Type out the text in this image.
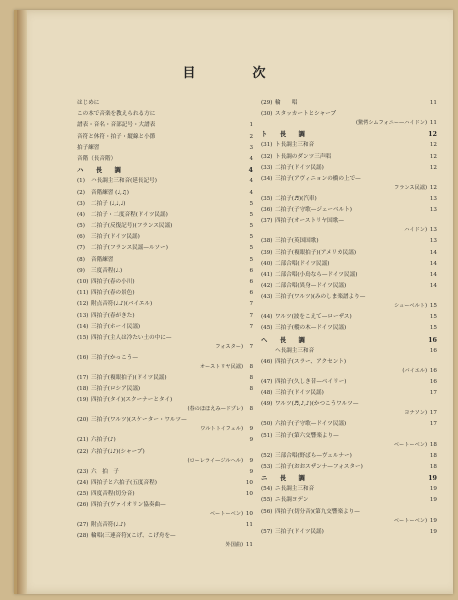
目　次
はじめに
この本で音楽を教えられる方に
譜表・音名・音部記号・大譜表	1
音符と休符・拍子・縦線と小節	2
拍子練習	3
音階（長音階）	4
ハ　長　調	4
(1) ハ長調主三和音(延長記号)	4
(2) 音階練習 (♩,♫)	4
(3) 二拍子 (♩,♩,♩)	5
(4) 二拍子・二度音程(ドイツ民謡)	5
(5) 二拍子(反復記号)(フランス民謡)	5
(6) 三拍子(ドイツ民謡)	5
(7) 二拍子(フランス民謡—ルソー)	5
(8) 音階練習	5
(9) 三度音程(♩.)	6
(10) 四拍子(春の小川)	6
(11) 四拍子(春の景色)	6
(12) 附点音符(♩.♪)(バイエル)	7
(13) 四拍子(春がきた)	7
(14) 三拍子(ホーイ民謡)	7
(15) 四拍子(主人は冷たい土の中に—
フォスター) 7
(16) 三拍子(かっこう—
オーストリヤ民謡) 8
(17) 三拍子(複眼拍子)(ドイツ民謡)	8
(18) 三拍子(ロシア民謡)	8
(19) 四拍子(タイ)(スクーナーとタイ)
(春のほほえみ—ドプレ) 8
(20) 三拍子(ワルツ)(スケーター・ワルツ—
ワルトトイフェル) 9
(21) 六拍子(♪)	9
(22) 六拍子(♩♪)(シャープ)
(ローレライ—ジルヘル) 9
(23) 六　拍　子	9
(24) 四拍子と六拍子(五度音程)	10
(25) 四度音程(切分音)	10
(26) 四拍子(ヴァイオリン協奏曲—
ベートーベン) 10
(27) 附点音符(♩.♪)	11
(28) 輪唱(三連音符)(こげ、こげ舟を—
外国曲) 11
(29) 輪　　唱	11
(30) スタッカートとシャープ
(驚愕シムフォニー—ハイドン) 11
ト　長　調	12
(31) ト長調主三和音	12
(32) ト長調のダンツ三声唱	12
(33) 二拍子(ドイツ民謡)	12
(34) 三拍子(アヴィニョンの橋の上で—
フランス民謡) 12
(35) 二拍子(♬)(汽車)	13
(36) 二拍子(子守歌—ジェーベルト)	13
(37) 四拍子(オーストリヤ国歌—
ハイドン) 13
(38) 三拍子(英国国歌)	13
(39) 三拍子(複眼拍子)(アメリカ民謡)	14
(40) 二部合唱(ドイツ民謡)	14
(41) 二部合唱(小鳥なら—ドイツ民謡)	14
(42) 二部合唱(異身—ドイツ民謡)	14
(43) 三拍子(ワルツ)(みのしま楽譜より—
シューベルト) 15
(44) ワルツ(波をこえて—ローザス)	15
(45) 三拍子(樅の木—ドイツ民謡)	15
ヘ　長　調	16
ヘ長調主三和音	16
(46) 四拍子(スラー、アクセント)
(バイエル) 16
(47) 四拍子(久しき昔—ベイリー)	16
(48) 三拍子(ドイツ民謡)	17
(49) ワルツ(♬,♪,♪)(かつこうワルツ—
ヨナソン) 17
(50) 六拍子(子守歌—ドイツ民謡)	17
(51) 三拍子(第六交響楽より—
ベートーベン) 18
(52) 三部合唱(野ばら—ヴェルナー)	18
(53) 二拍子(おおスザンナ—フォスター)	18
ニ　長　調	19
(54) ニ長調主三和音	19
(55) ニ長調ヨデン	19
(56) 四拍子(切分音)(第九交響楽より—
ベートーベン) 19
(57) 三拍子(ドイツ民謡)	19
